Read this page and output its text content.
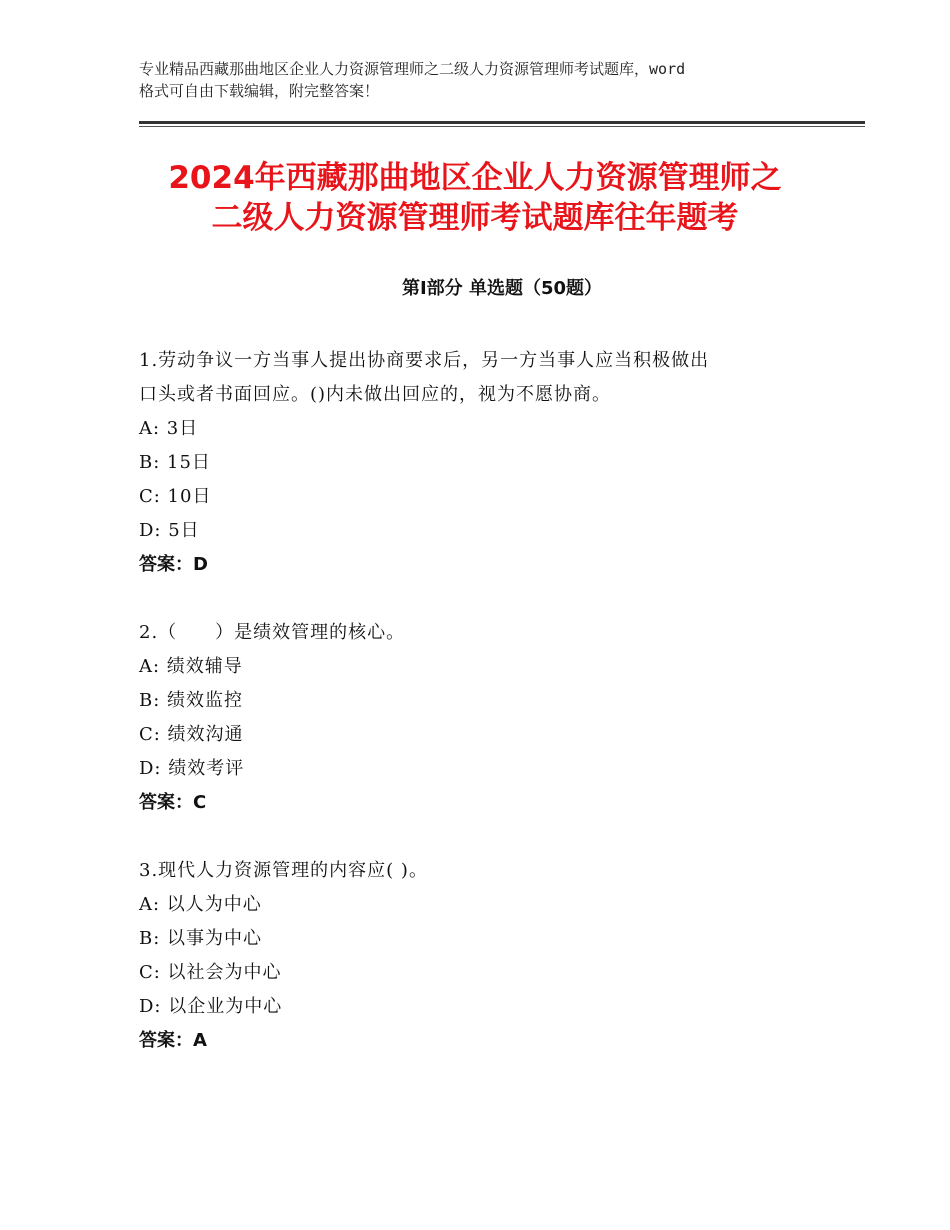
专业精品西藏那曲地区企业人力资源管理师之二级人力资源管理师考试题库，word
格式可自由下载编辑，附完整答案！
2024年西藏那曲地区企业人力资源管理师之
二级人力资源管理师考试题库往年题考
第Ⅰ部分 单选题（50题）
1.劳动争议一方当事人提出协商要求后，另一方当事人应当积极做出
口头或者书面回应。()内未做出回应的，视为不愿协商。
A: 3日
B: 15日
C: 10日
D: 5日
答案：D
2.（　　）是绩效管理的核心。
A: 绩效辅导
B: 绩效监控
C: 绩效沟通
D: 绩效考评
答案：C
3.现代人力资源管理的内容应( )。
A: 以人为中心
B: 以事为中心
C: 以社会为中心
D: 以企业为中心
答案：A
